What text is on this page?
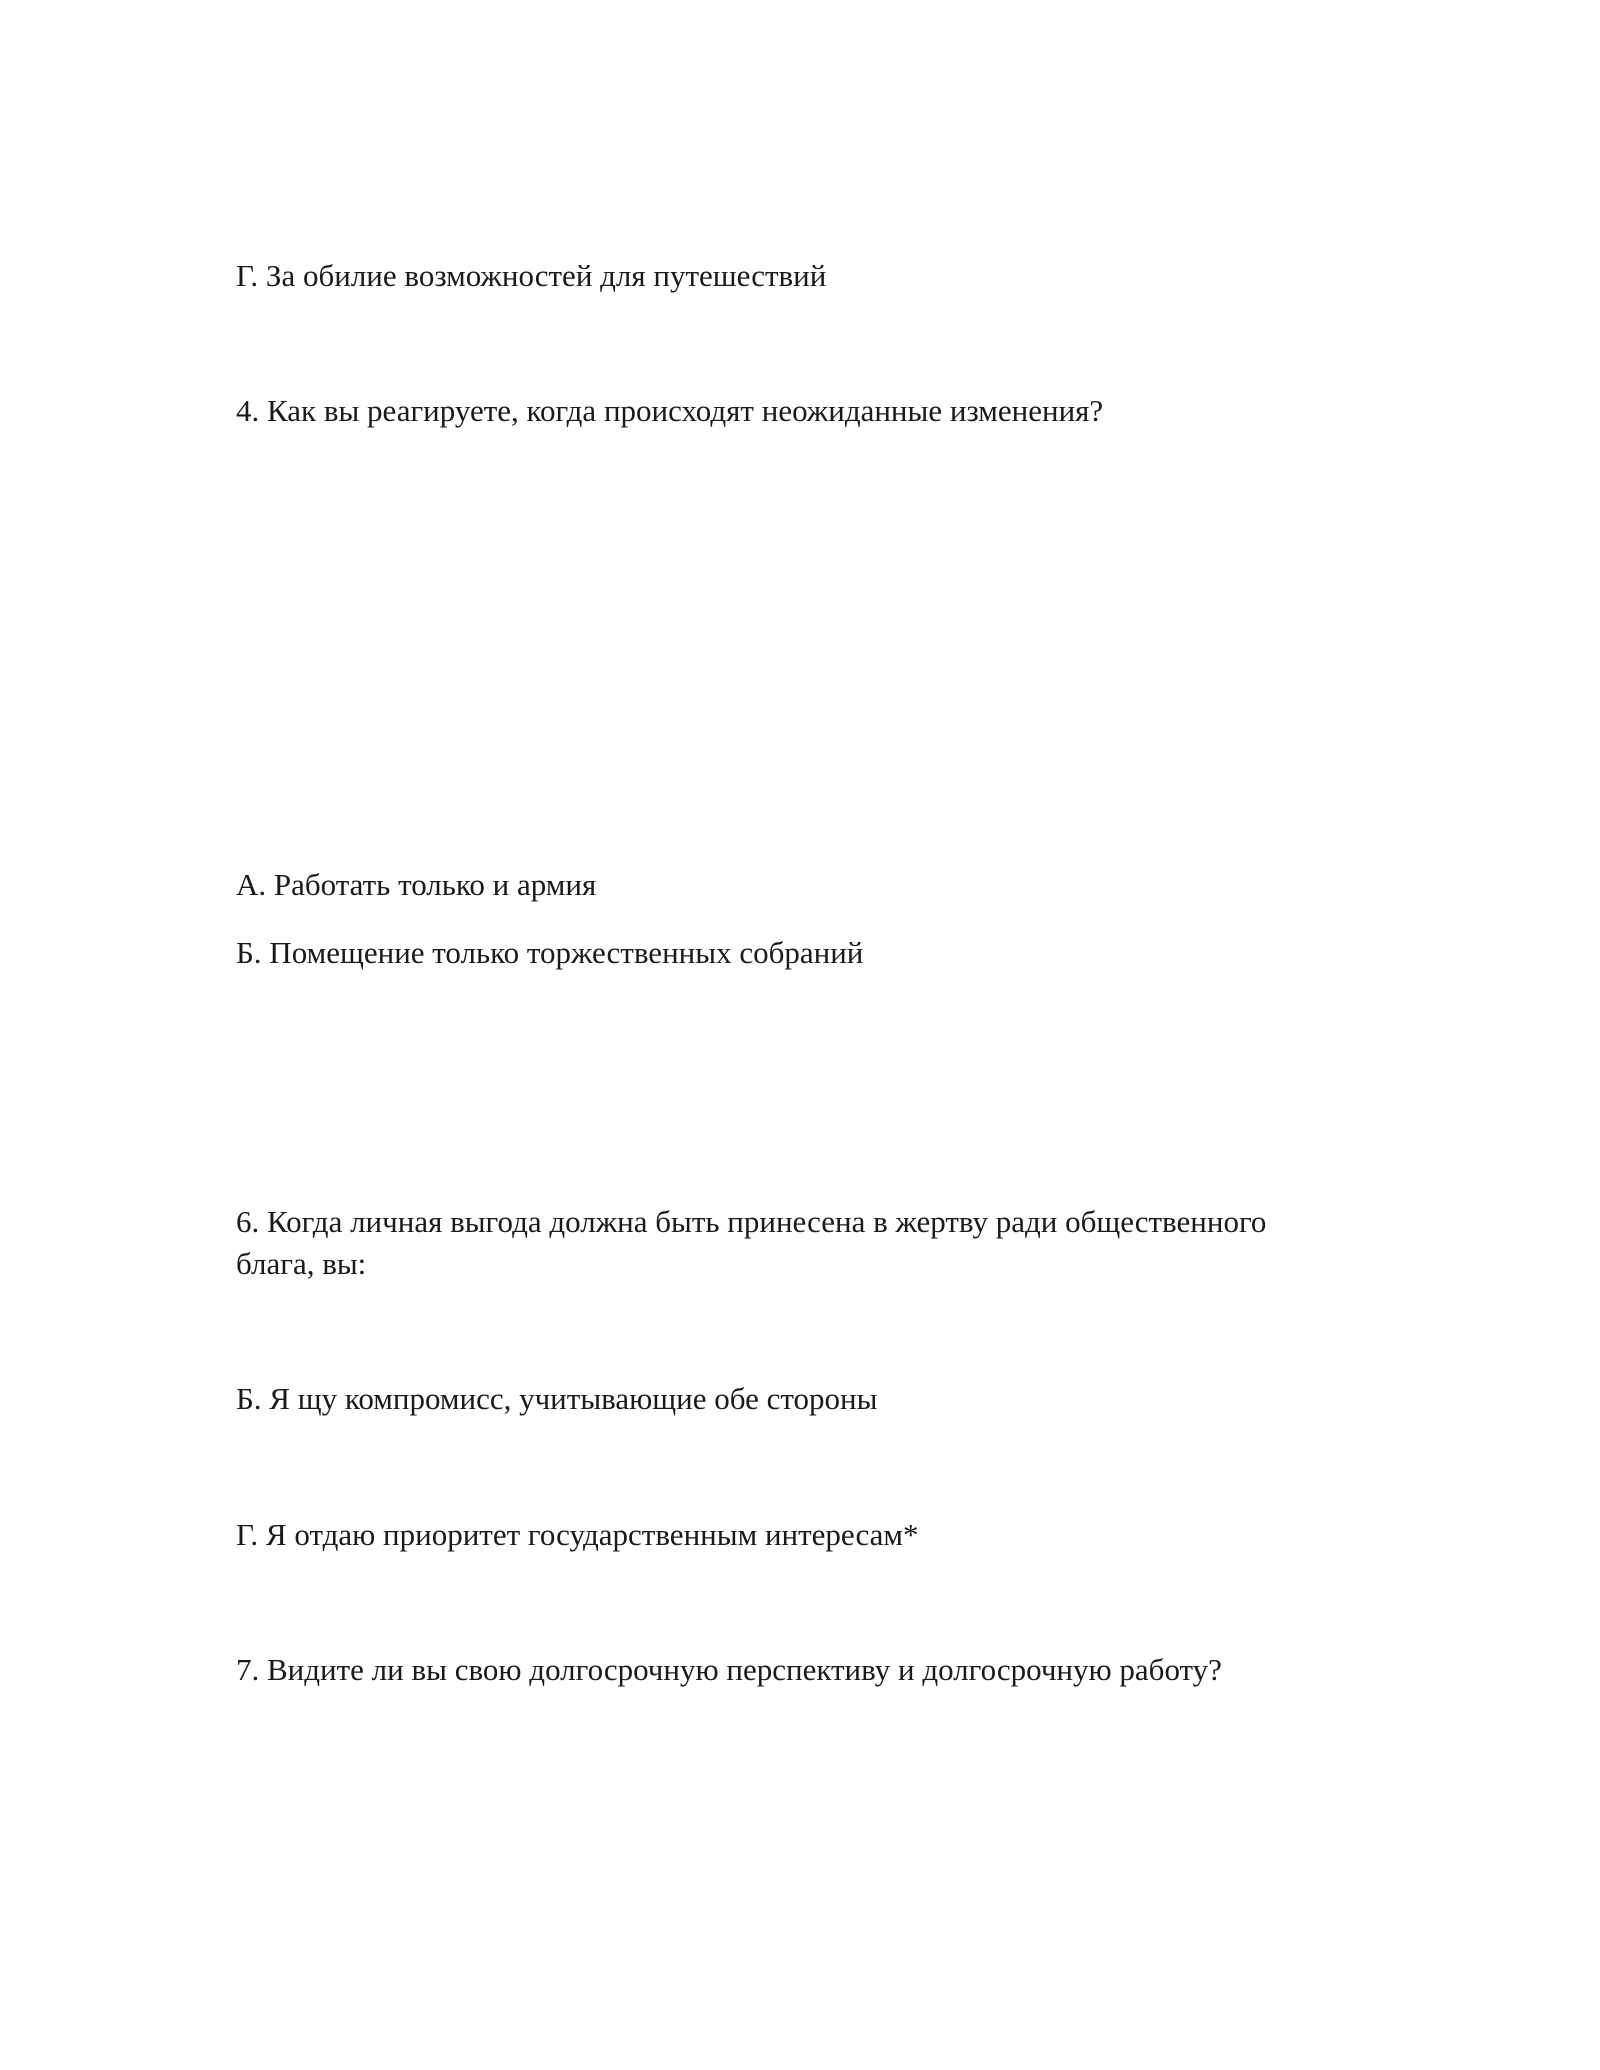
Г. За обилие возможностей для путешествий

4. Как вы реагируете, когда происходят неожиданные изменения?

А. Работать только и армия

Б. Помещение только торжественных собраний

6. Когда личная выгода должна быть принесена в жертву ради общественного

блага, вы:

Б. Я щу компромисс, учитывающие обе стороны

Г. Я отдаю приоритет государственным интересам*

7. Видите ли вы свою долгосрочную перспективу и долгосрочную работу?
